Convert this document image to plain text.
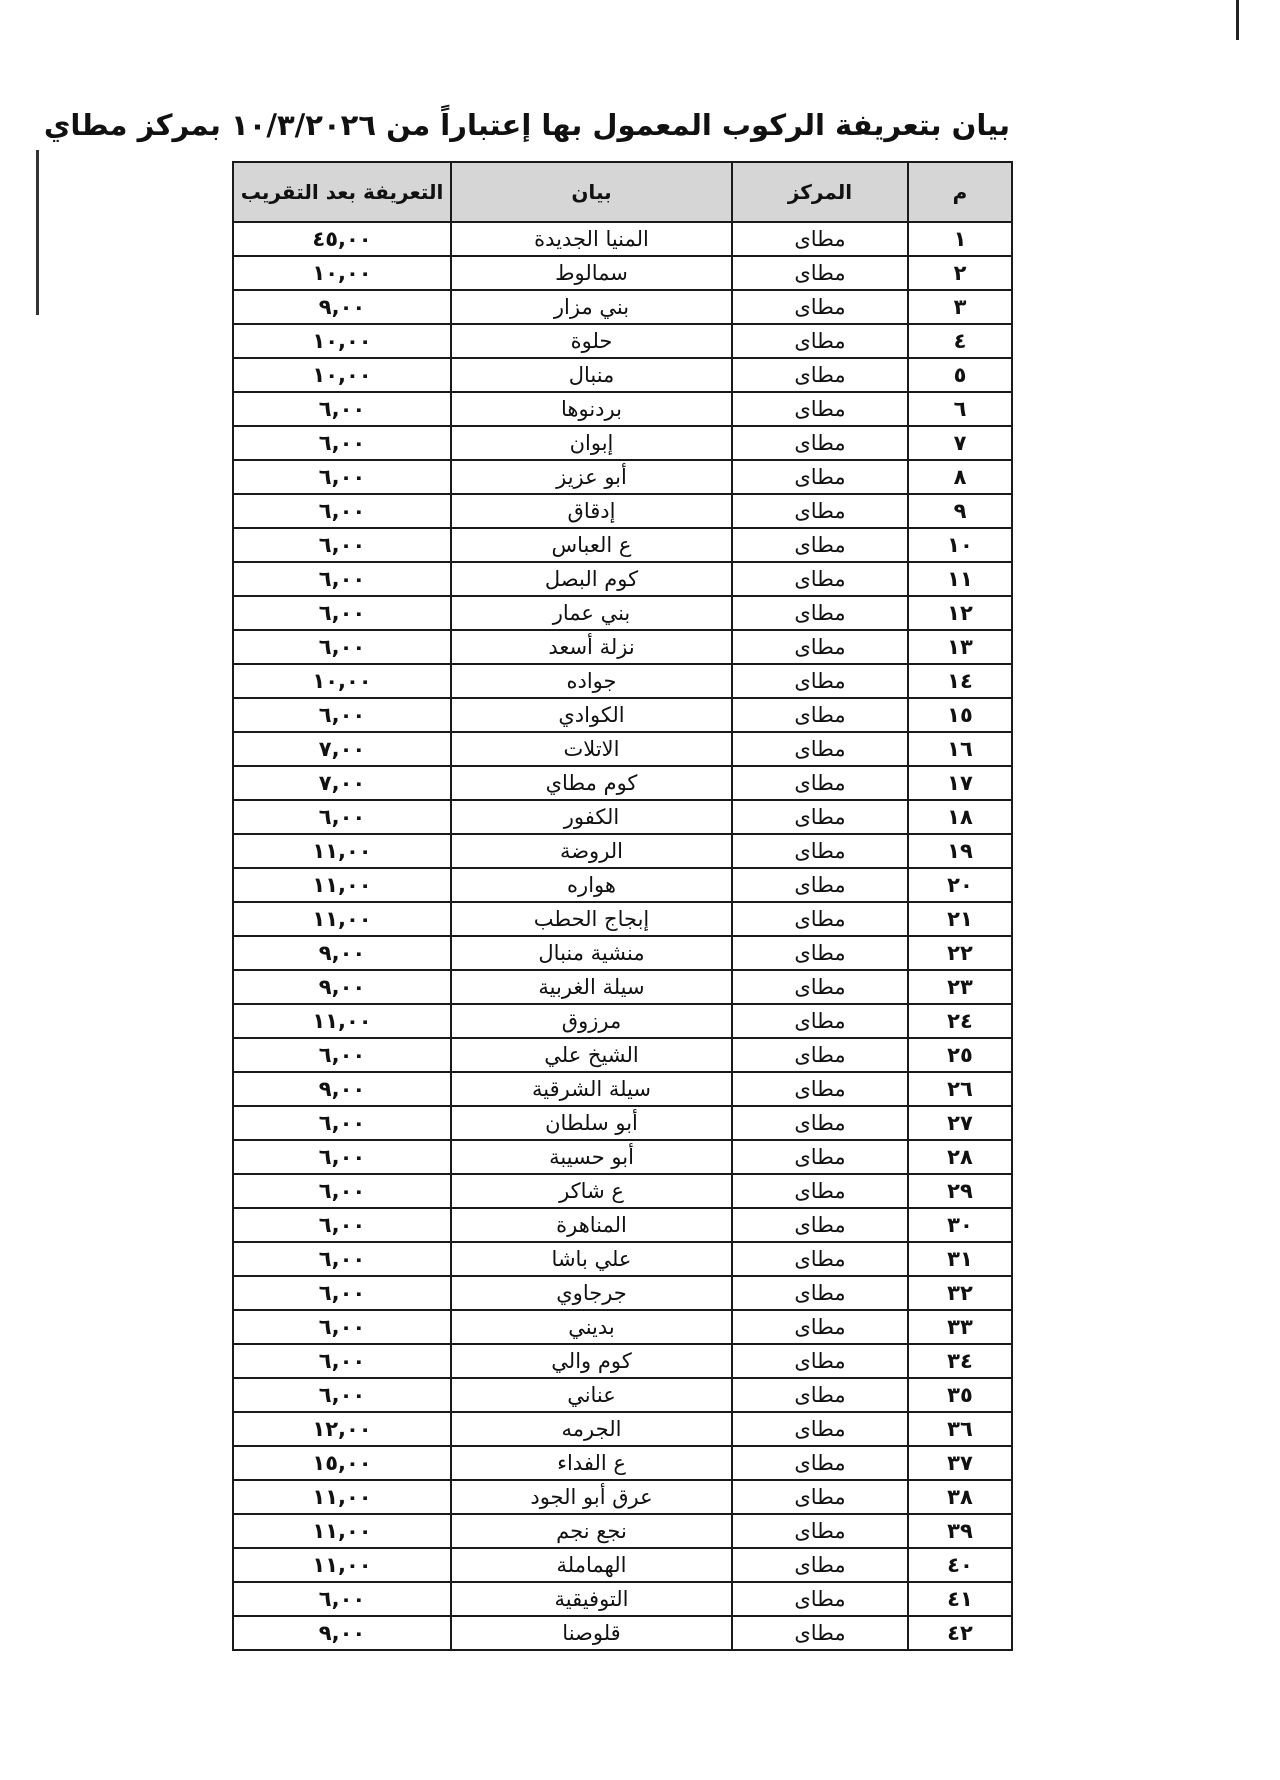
بيان بتعريفة الركوب المعمول بها إعتباراً من ١٠/٣/٢٠٢٦ بمركز مطاي
م	المركز	بيان	التعريفة بعد التقريب
١	مطاى	المنيا الجديدة	٤٥,٠٠
٢	مطاى	سمالوط	١٠,٠٠
٣	مطاى	بني مزار	٩,٠٠
٤	مطاى	حلوة	١٠,٠٠
٥	مطاى	منبال	١٠,٠٠
٦	مطاى	بردنوها	٦,٠٠
٧	مطاى	إبوان	٦,٠٠
٨	مطاى	أبو عزيز	٦,٠٠
٩	مطاى	إدقاق	٦,٠٠
١٠	مطاى	ع العباس	٦,٠٠
١١	مطاى	كوم البصل	٦,٠٠
١٢	مطاى	بني عمار	٦,٠٠
١٣	مطاى	نزلة أسعد	٦,٠٠
١٤	مطاى	جواده	١٠,٠٠
١٥	مطاى	الكوادي	٦,٠٠
١٦	مطاى	الاتلات	٧,٠٠
١٧	مطاى	كوم مطاي	٧,٠٠
١٨	مطاى	الكفور	٦,٠٠
١٩	مطاى	الروضة	١١,٠٠
٢٠	مطاى	هواره	١١,٠٠
٢١	مطاى	إبجاج الحطب	١١,٠٠
٢٢	مطاى	منشية منبال	٩,٠٠
٢٣	مطاى	سيلة الغربية	٩,٠٠
٢٤	مطاى	مرزوق	١١,٠٠
٢٥	مطاى	الشيخ علي	٦,٠٠
٢٦	مطاى	سيلة الشرقية	٩,٠٠
٢٧	مطاى	أبو سلطان	٦,٠٠
٢٨	مطاى	أبو حسيبة	٦,٠٠
٢٩	مطاى	ع شاكر	٦,٠٠
٣٠	مطاى	المناهرة	٦,٠٠
٣١	مطاى	علي باشا	٦,٠٠
٣٢	مطاى	جرجاوي	٦,٠٠
٣٣	مطاى	بديني	٦,٠٠
٣٤	مطاى	كوم والي	٦,٠٠
٣٥	مطاى	عناني	٦,٠٠
٣٦	مطاى	الجرمه	١٢,٠٠
٣٧	مطاى	ع الفداء	١٥,٠٠
٣٨	مطاى	عرق أبو الجود	١١,٠٠
٣٩	مطاى	نجع نجم	١١,٠٠
٤٠	مطاى	الهماملة	١١,٠٠
٤١	مطاى	التوفيقية	٦,٠٠
٤٢	مطاى	قلوصنا	٩,٠٠
